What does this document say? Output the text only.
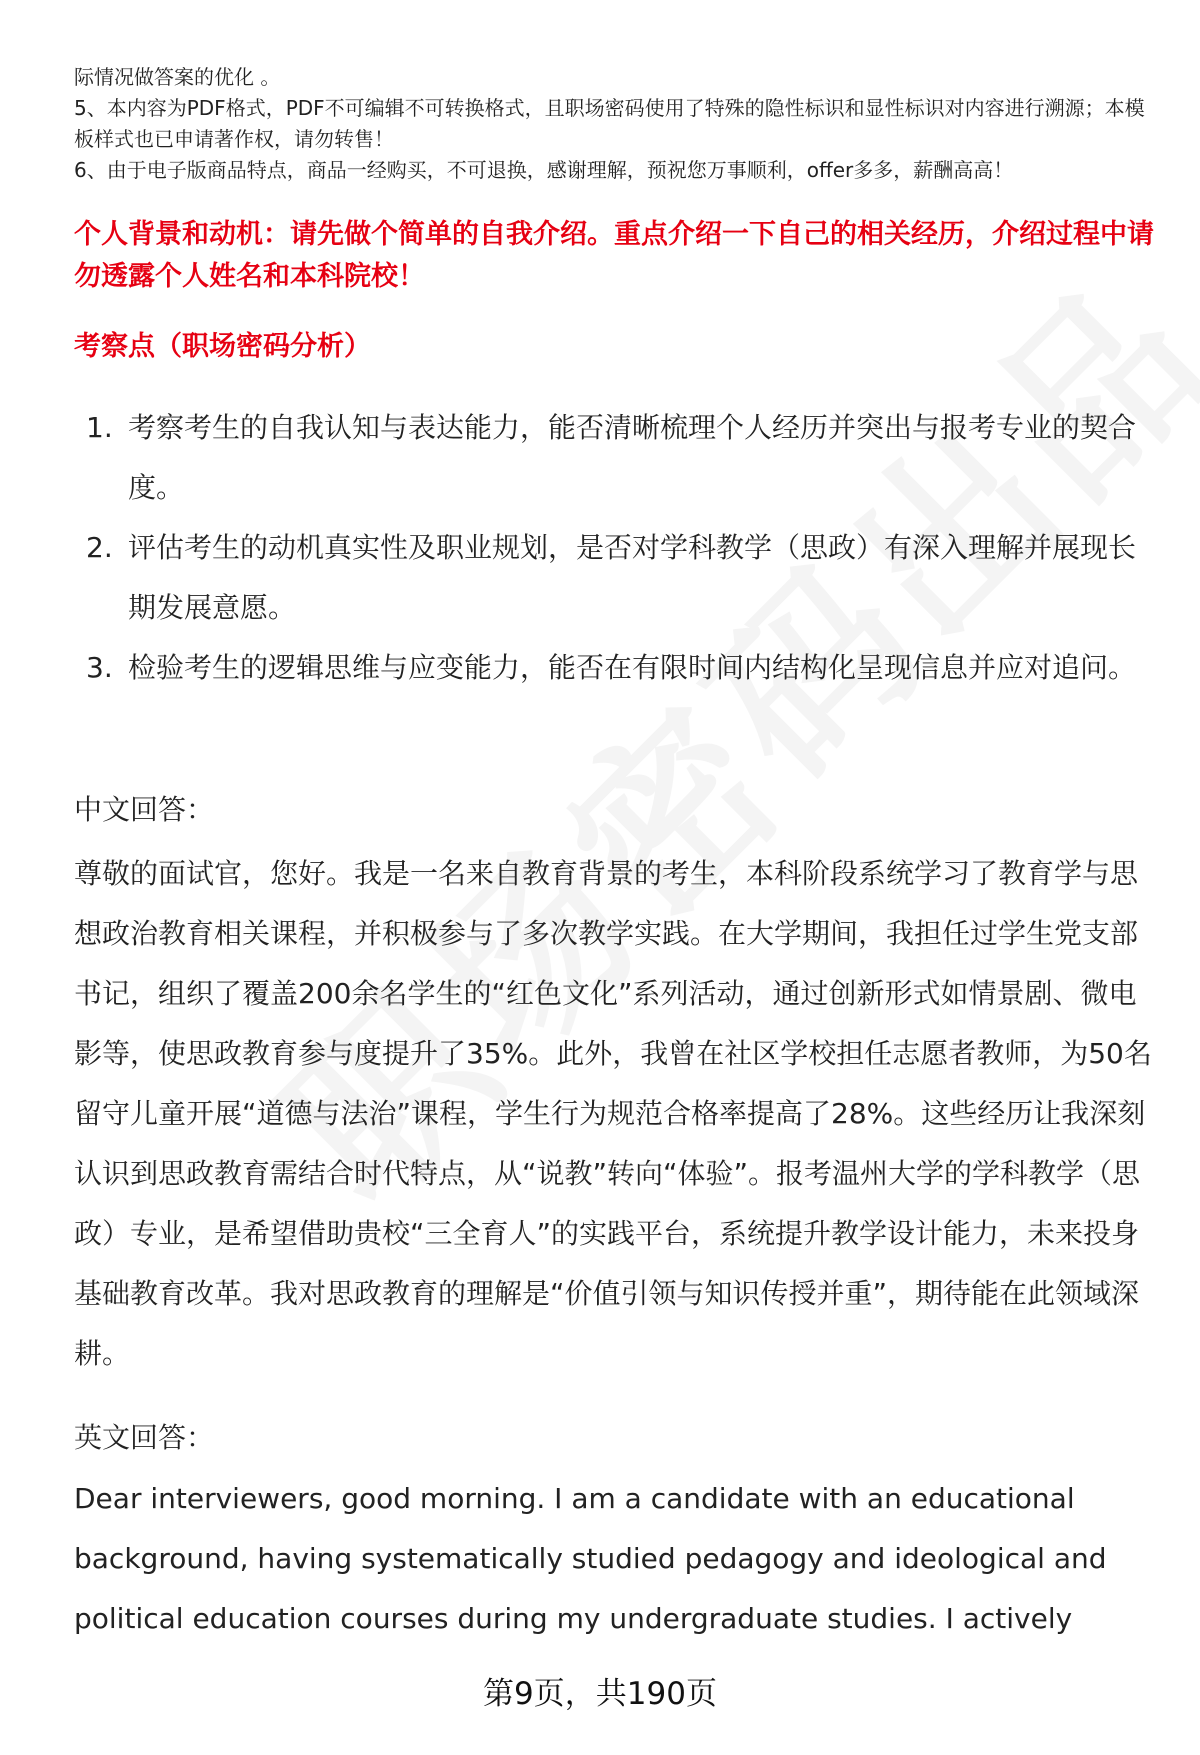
际情况做答案的优化 。

5、本内容为PDF格式，PDF不可编辑不可转换格式，且职场密码使用了特殊的隐性标识和显性标识对内容进行溯源；本模板样式也已申请著作权，请勿转售！

6、由于电子版商品特点，商品一经购买，不可退换，感谢理解，预祝您万事顺利，offer多多，薪酬高高！

个人背景和动机：请先做个简单的自我介绍。重点介绍一下自己的相关经历，介绍过程中请勿透露个人姓名和本科院校！
考察点（职场密码分析）
1. 考察考生的自我认知与表达能力，能否清晰梳理个人经历并突出与报考专业的契合度。
2. 评估考生的动机真实性及职业规划，是否对学科教学（思政）有深入理解并展现长期发展意愿。
3. 检验考生的逻辑思维与应变能力，能否在有限时间内结构化呈现信息并应对追问。

中文回答：

尊敬的面试官，您好。我是一名来自教育背景的考生，本科阶段系统学习了教育学与思想政治教育相关课程，并积极参与了多次教学实践。在大学期间，我担任过学生党支部书记，组织了覆盖200余名学生的“红色文化”系列活动，通过创新形式如情景剧、微电影等，使思政教育参与度提升了35%。此外，我曾在社区学校担任志愿者教师，为50名留守儿童开展“道德与法治”课程，学生行为规范合格率提高了28%。这些经历让我深刻认识到思政教育需结合时代特点，从“说教”转向“体验”。报考温州大学的学科教学（思政）专业，是希望借助贵校“三全育人”的实践平台，系统提升教学设计能力，未来投身基础教育改革。我对思政教育的理解是“价值引领与知识传授并重”，期待能在此领域深耕。

英文回答：

Dear interviewers, good morning. I am a candidate with an educational background, having systematically studied pedagogy and ideological and political education courses during my undergraduate studies. I actively

第9页，共190页
